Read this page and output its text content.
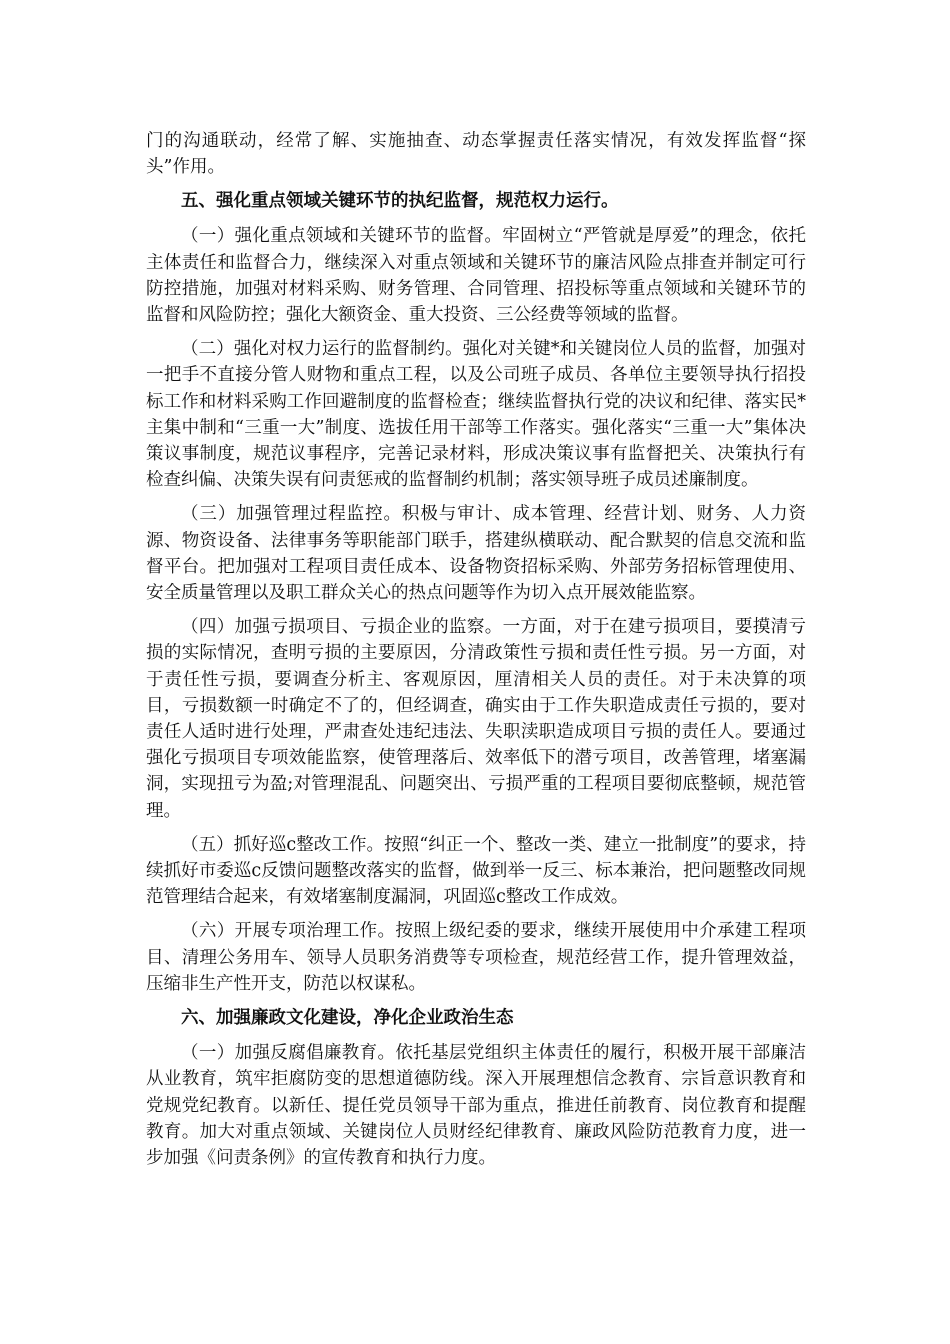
门的沟通联动，经常了解、实施抽查、动态掌握责任落实情况，有效发挥监督“探头”作用。

五、强化重点领域关键环节的执纪监督，规范权力运行。

（一）强化重点领域和关键环节的监督。牢固树立“严管就是厚爱”的理念，依托主体责任和监督合力，继续深入对重点领域和关键环节的廉洁风险点排查并制定可行防控措施，加强对材料采购、财务管理、合同管理、招投标等重点领域和关键环节的监督和风险防控；强化大额资金、重大投资、三公经费等领域的监督。

（二）强化对权力运行的监督制约。强化对关键*和关键岗位人员的监督，加强对一把手不直接分管人财物和重点工程，以及公司班子成员、各单位主要领导执行招投标工作和材料采购工作回避制度的监督检查；继续监督执行党的决议和纪律、落实民*主集中制和“三重一大”制度、选拔任用干部等工作落实。强化落实“三重一大”集体决策议事制度，规范议事程序，完善记录材料，形成决策议事有监督把关、决策执行有检查纠偏、决策失误有问责惩戒的监督制约机制；落实领导班子成员述廉制度。

（三）加强管理过程监控。积极与审计、成本管理、经营计划、财务、人力资源、物资设备、法律事务等职能部门联手，搭建纵横联动、配合默契的信息交流和监督平台。把加强对工程项目责任成本、设备物资招标采购、外部劳务招标管理使用、安全质量管理以及职工群众关心的热点问题等作为切入点开展效能监察。

（四）加强亏损项目、亏损企业的监察。一方面，对于在建亏损项目，要摸清亏损的实际情况，查明亏损的主要原因，分清政策性亏损和责任性亏损。另一方面，对于责任性亏损，要调查分析主、客观原因，厘清相关人员的责任。对于未决算的项目，亏损数额一时确定不了的，但经调查，确实由于工作失职造成责任亏损的，要对责任人适时进行处理，严肃查处违纪违法、失职渎职造成项目亏损的责任人。要通过强化亏损项目专项效能监察，使管理落后、效率低下的潜亏项目，改善管理，堵塞漏洞，实现扭亏为盈;对管理混乱、问题突出、亏损严重的工程项目要彻底整顿，规范管理。

（五）抓好巡c整改工作。按照“纠正一个、整改一类、建立一批制度”的要求，持续抓好市委巡c反馈问题整改落实的监督，做到举一反三、标本兼治，把问题整改同规范管理结合起来，有效堵塞制度漏洞，巩固巡c整改工作成效。

（六）开展专项治理工作。按照上级纪委的要求，继续开展使用中介承建工程项目、清理公务用车、领导人员职务消费等专项检查，规范经营工作，提升管理效益，压缩非生产性开支，防范以权谋私。

六、加强廉政文化建设，净化企业政治生态

（一）加强反腐倡廉教育。依托基层党组织主体责任的履行，积极开展干部廉洁从业教育，筑牢拒腐防变的思想道德防线。深入开展理想信念教育、宗旨意识教育和党规党纪教育。以新任、提任党员领导干部为重点，推进任前教育、岗位教育和提醒教育。加大对重点领域、关键岗位人员财经纪律教育、廉政风险防范教育力度，进一步加强《问责条例》的宣传教育和执行力度。
